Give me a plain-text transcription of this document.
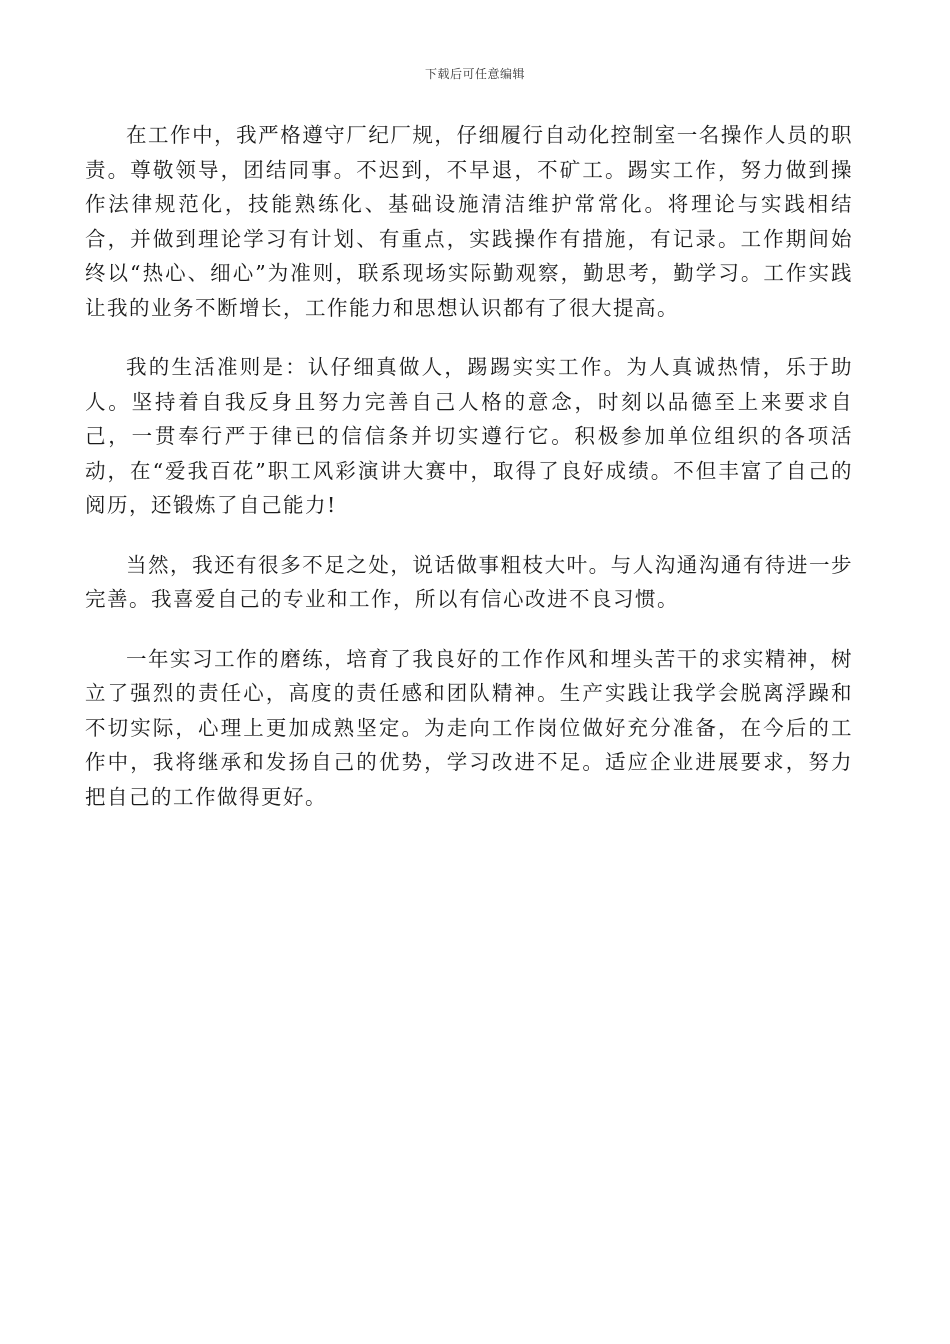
下载后可任意编辑

在工作中，我严格遵守厂纪厂规，仔细履行自动化控制室一名操作人员的职责。尊敬领导，团结同事。不迟到，不早退，不矿工。踢实工作，努力做到操作法律规范化，技能熟练化、基础设施清洁维护常常化。将理论与实践相结合，并做到理论学习有计划、有重点，实践操作有措施，有记录。工作期间始终以“热心、细心”为准则，联系现场实际勤观察，勤思考，勤学习。工作实践让我的业务不断增长，工作能力和思想认识都有了很大提高。

我的生活准则是：认仔细真做人，踢踢实实工作。为人真诚热情，乐于助人。坚持着自我反身且努力完善自己人格的意念，时刻以品德至上来要求自己，一贯奉行严于律已的信信条并切实遵行它。积极参加单位组织的各项活动，在“爱我百花”职工风彩演讲大赛中，取得了良好成绩。不但丰富了自己的阅历，还锻炼了自己能力!

当然，我还有很多不足之处，说话做事粗枝大叶。与人沟通沟通有待进一步完善。我喜爱自己的专业和工作，所以有信心改进不良习惯。

一年实习工作的磨练，培育了我良好的工作作风和埋头苦干的求实精神，树立了强烈的责任心，高度的责任感和团队精神。生产实践让我学会脱离浮躁和不切实际，心理上更加成熟坚定。为走向工作岗位做好充分准备，在今后的工作中，我将继承和发扬自己的优势，学习改进不足。适应企业进展要求，努力把自己的工作做得更好。
